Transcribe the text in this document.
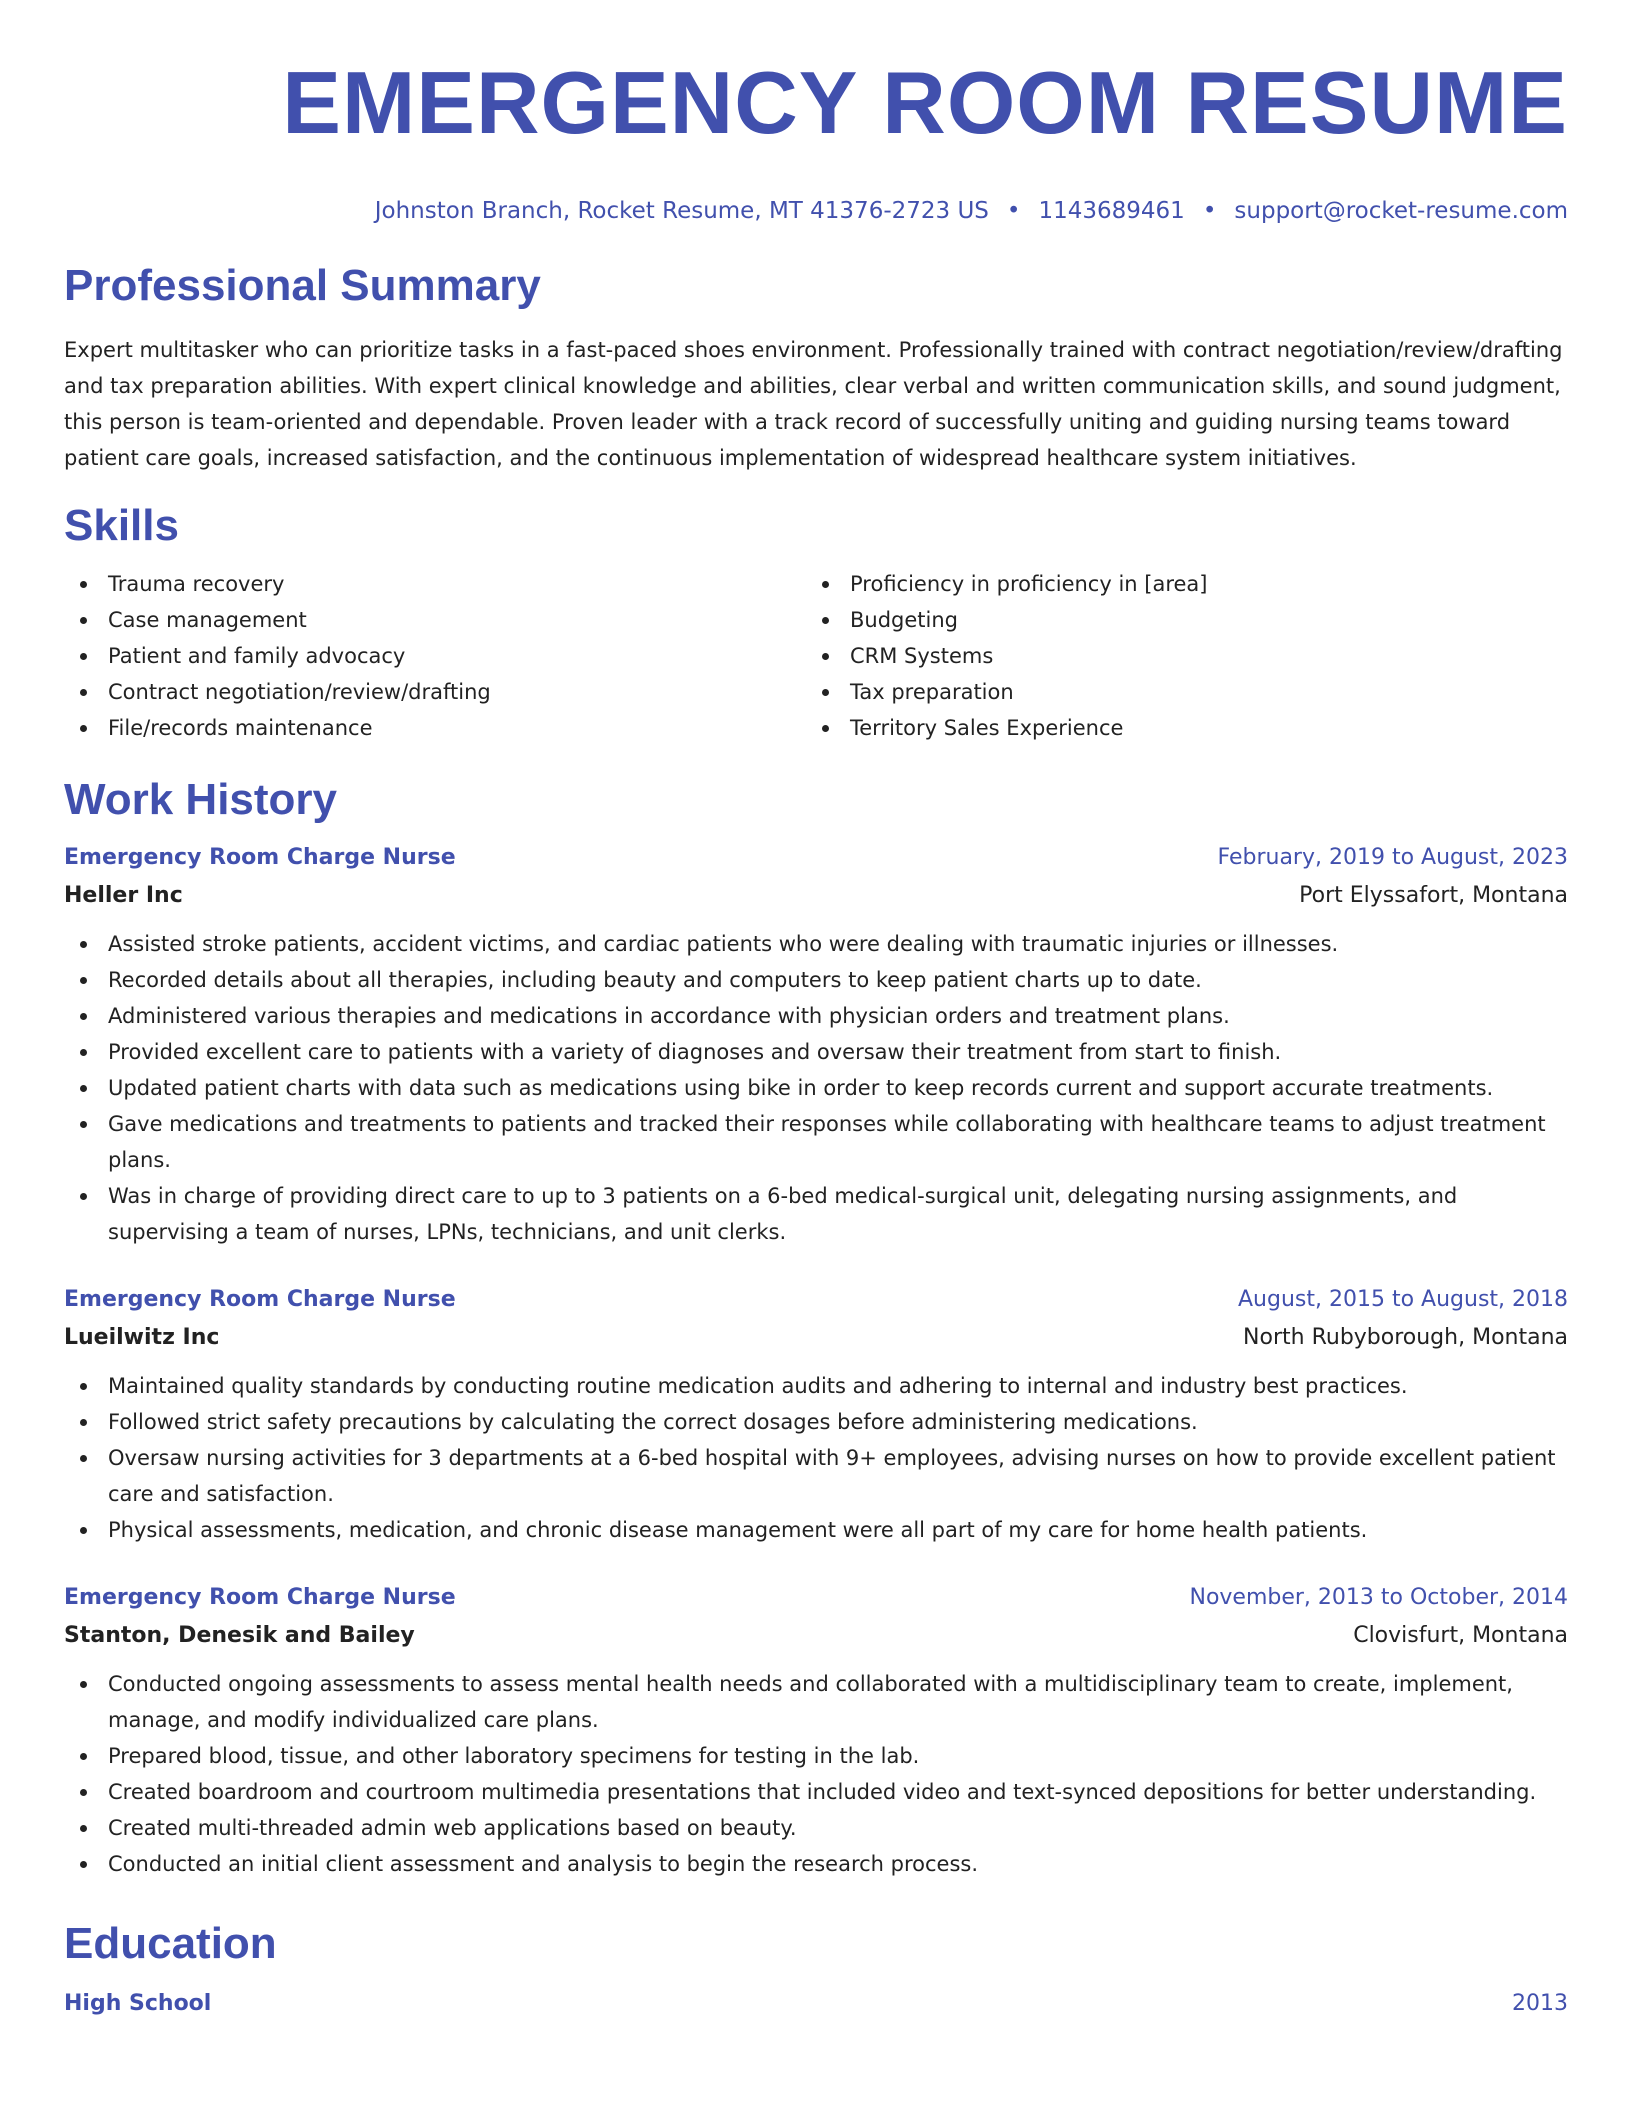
EMERGENCY ROOM RESUME
Johnston Branch, Rocket Resume, MT 41376-2723 US • 1143689461 • support@rocket-resume.com
Professional Summary

Expert multitasker who can prioritize tasks in a fast-paced shoes environment. Professionally trained with contract negotiation/review/drafting and tax preparation abilities. With expert clinical knowledge and abilities, clear verbal and written communication skills, and sound judgment, this person is team-oriented and dependable. Proven leader with a track record of successfully uniting and guiding nursing teams toward patient care goals, increased satisfaction, and the continuous implementation of widespread healthcare system initiatives.

Skills
Trauma recovery
Case management
Patient and family advocacy
Contract negotiation/review/drafting
File/records maintenance
Proficiency in proficiency in [area]
Budgeting
CRM Systems
Tax preparation
Territory Sales Experience
Work History
Emergency Room Charge Nurse	February, 2019 to August, 2023
Heller Inc	Port Elyssafort, Montana
Assisted stroke patients, accident victims, and cardiac patients who were dealing with traumatic injuries or illnesses.
Recorded details about all therapies, including beauty and computers to keep patient charts up to date.
Administered various therapies and medications in accordance with physician orders and treatment plans.
Provided excellent care to patients with a variety of diagnoses and oversaw their treatment from start to finish.
Updated patient charts with data such as medications using bike in order to keep records current and support accurate treatments.
Gave medications and treatments to patients and tracked their responses while collaborating with healthcare teams to adjust treatment plans.
Was in charge of providing direct care to up to 3 patients on a 6-bed medical-surgical unit, delegating nursing assignments, and supervising a team of nurses, LPNs, technicians, and unit clerks.
Emergency Room Charge Nurse	August, 2015 to August, 2018
Lueilwitz Inc	North Rubyborough, Montana
Maintained quality standards by conducting routine medication audits and adhering to internal and industry best practices.
Followed strict safety precautions by calculating the correct dosages before administering medications.
Oversaw nursing activities for 3 departments at a 6-bed hospital with 9+ employees, advising nurses on how to provide excellent patient care and satisfaction.
Physical assessments, medication, and chronic disease management were all part of my care for home health patients.
Emergency Room Charge Nurse	November, 2013 to October, 2014
Stanton, Denesik and Bailey	Clovisfurt, Montana
Conducted ongoing assessments to assess mental health needs and collaborated with a multidisciplinary team to create, implement, manage, and modify individualized care plans.
Prepared blood, tissue, and other laboratory specimens for testing in the lab.
Created boardroom and courtroom multimedia presentations that included video and text-synced depositions for better understanding.
Created multi-threaded admin web applications based on beauty.
Conducted an initial client assessment and analysis to begin the research process.
Education
High School	2013
